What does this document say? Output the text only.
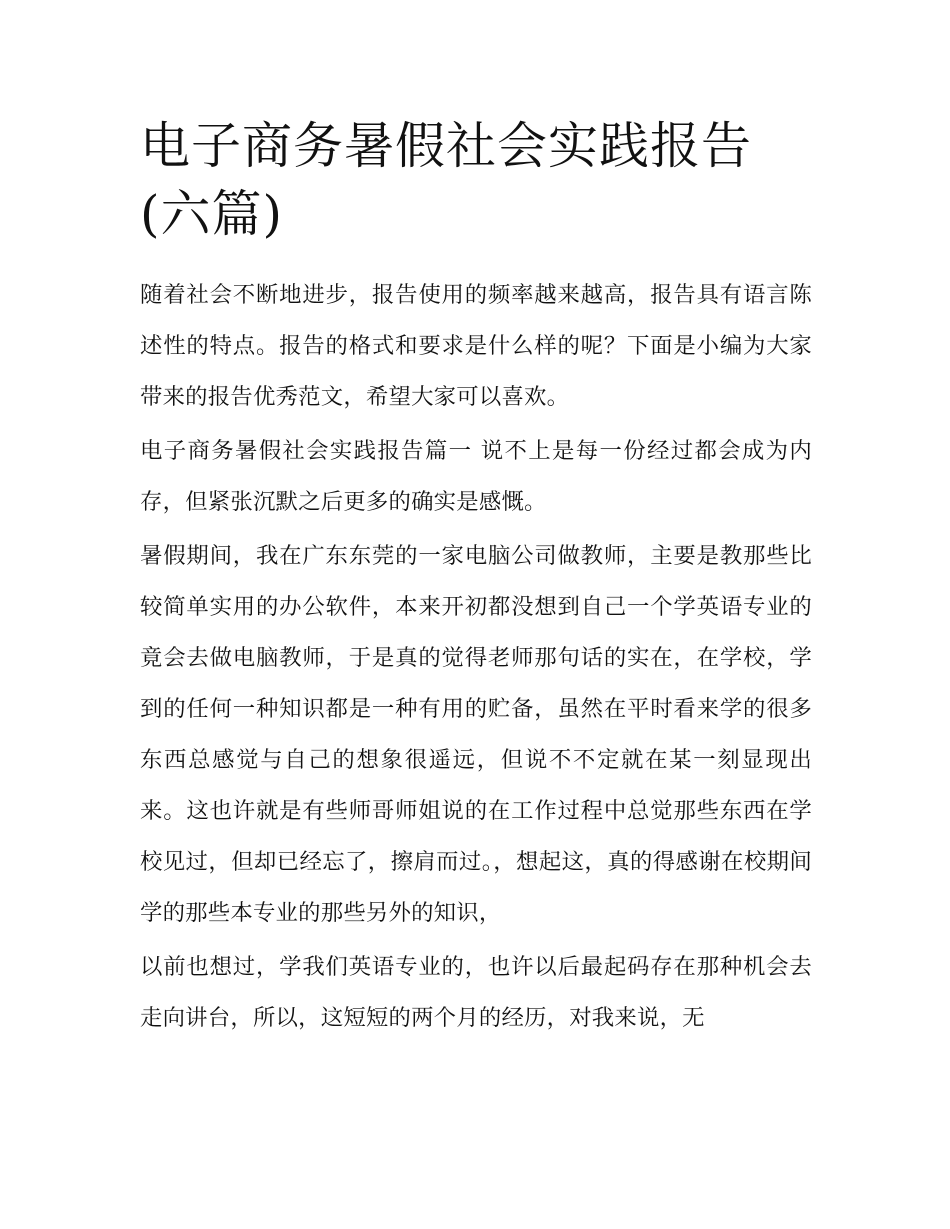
电子商务暑假社会实践报告(六篇)

随着社会不断地进步，报告使用的频率越来越高，报告具有语言陈述性的特点。报告的格式和要求是什么样的呢？下面是小编为大家带来的报告优秀范文，希望大家可以喜欢。

电子商务暑假社会实践报告篇一 说不上是每一份经过都会成为内存，但紧张沉默之后更多的确实是感慨。

暑假期间，我在广东东莞的一家电脑公司做教师，主要是教那些比较简单实用的办公软件，本来开初都没想到自己一个学英语专业的竟会去做电脑教师，于是真的觉得老师那句话的实在，在学校，学到的任何一种知识都是一种有用的贮备，虽然在平时看来学的很多东西总感觉与自己的想象很遥远，但说不不定就在某一刻显现出来。这也许就是有些师哥师姐说的在工作过程中总觉那些东西在学校见过，但却已经忘了，擦肩而过。，想起这，真的得感谢在校期间学的那些本专业的那些另外的知识，

以前也想过，学我们英语专业的，也许以后最起码存在那种机会去走向讲台，所以，这短短的两个月的经历，对我来说，无
